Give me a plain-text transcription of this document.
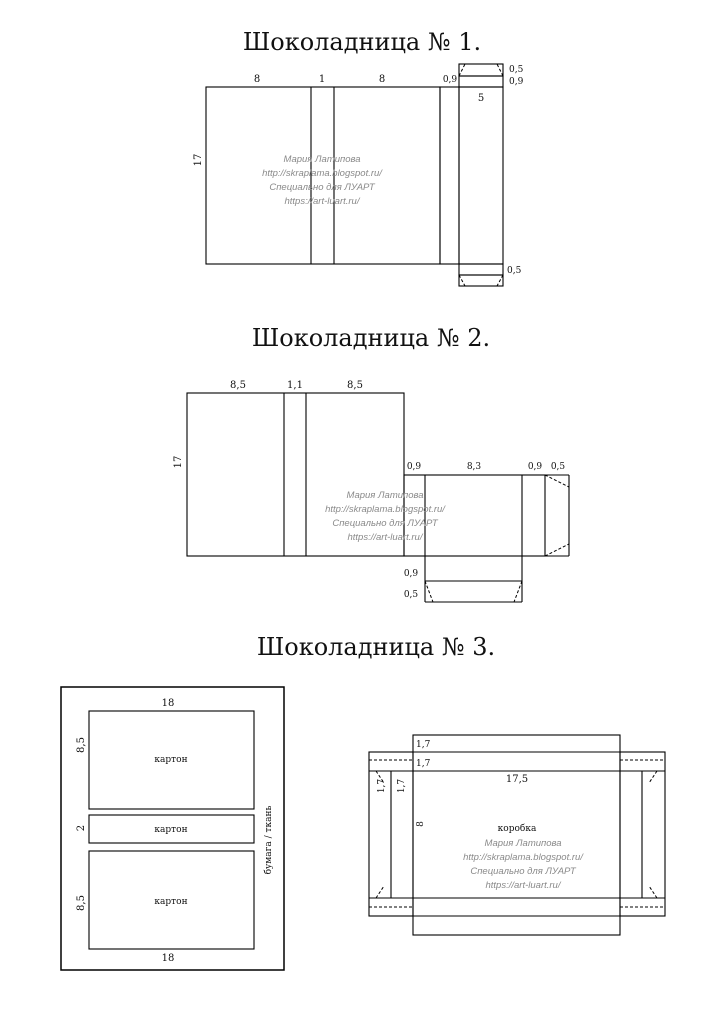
Шоколадница № 1.
8	1	8	0,9
5
0,5
0,9
0,5
17	Мария Латипова
http://skraplama.blogspot.ru/
Специально для ЛУАРТ
https://art-luart.ru/
Шоколадница № 2.
8,5	1,1	8,5
17	0,9	8,3	0,9 0,5
0,9
0,5
Мария Латипова
http://skraplama.blogspot.ru/
Специально для ЛУАРТ
https://art-luart.ru/
Шоколадница № 3.
18
18
8,5
2
8,5
картон
картон
картон
бумага / ткань
1,7
1,7
1,7 1,7	17,5
8	коробка
Мария Латипова
http://skraplama.blogspot.ru/
Специально для ЛУАРТ
https://art-luart.ru/
